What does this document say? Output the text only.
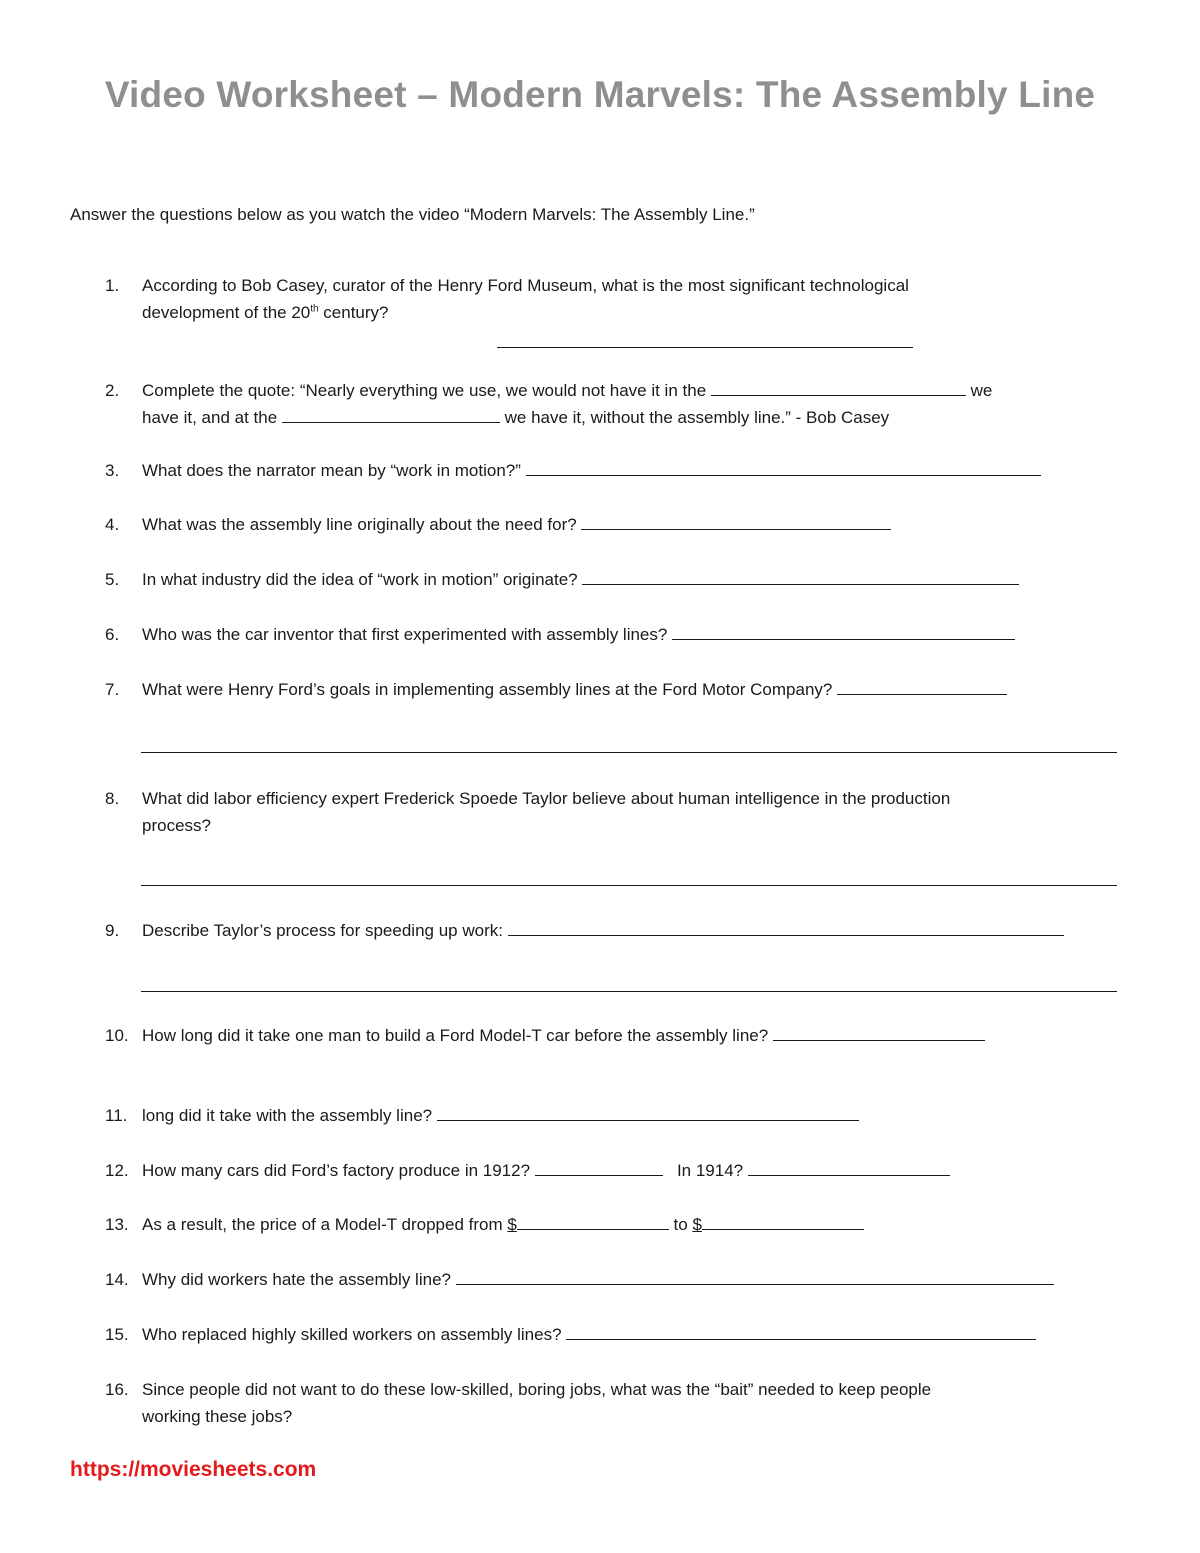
Video Worksheet – Modern Marvels: The Assembly Line
Answer the questions below as you watch the video “Modern Marvels: The Assembly Line.”
1. According to Bob Casey, curator of the Henry Ford Museum, what is the most significant technological
development of the 20th century?
2. Complete the quote: “Nearly everything we use, we would not have it in the	we
have it, and at the	we have it, without the assembly line.” - Bob Casey
3. What does the narrator mean by “work in motion?”
4. What was the assembly line originally about the need for?
5. In what industry did the idea of “work in motion” originate?
6. Who was the car inventor that first experimented with assembly lines?
7. What were Henry Ford’s goals in implementing assembly lines at the Ford Motor Company?
8. What did labor efficiency expert Frederick Spoede Taylor believe about human intelligence in the production
process?
9. Describe Taylor’s process for speeding up work:
10. How long did it take one man to build a Ford Model-T car before the assembly line?
11. long did it take with the assembly line?
12. How many cars did Ford’s factory produce in 1912?	In 1914?
13. As a result, the price of a Model-T dropped from $	to $
14. Why did workers hate the assembly line?
15. Who replaced highly skilled workers on assembly lines?
16. Since people did not want to do these low-skilled, boring jobs, what was the “bait” needed to keep people
working these jobs?
https://moviesheets.com
